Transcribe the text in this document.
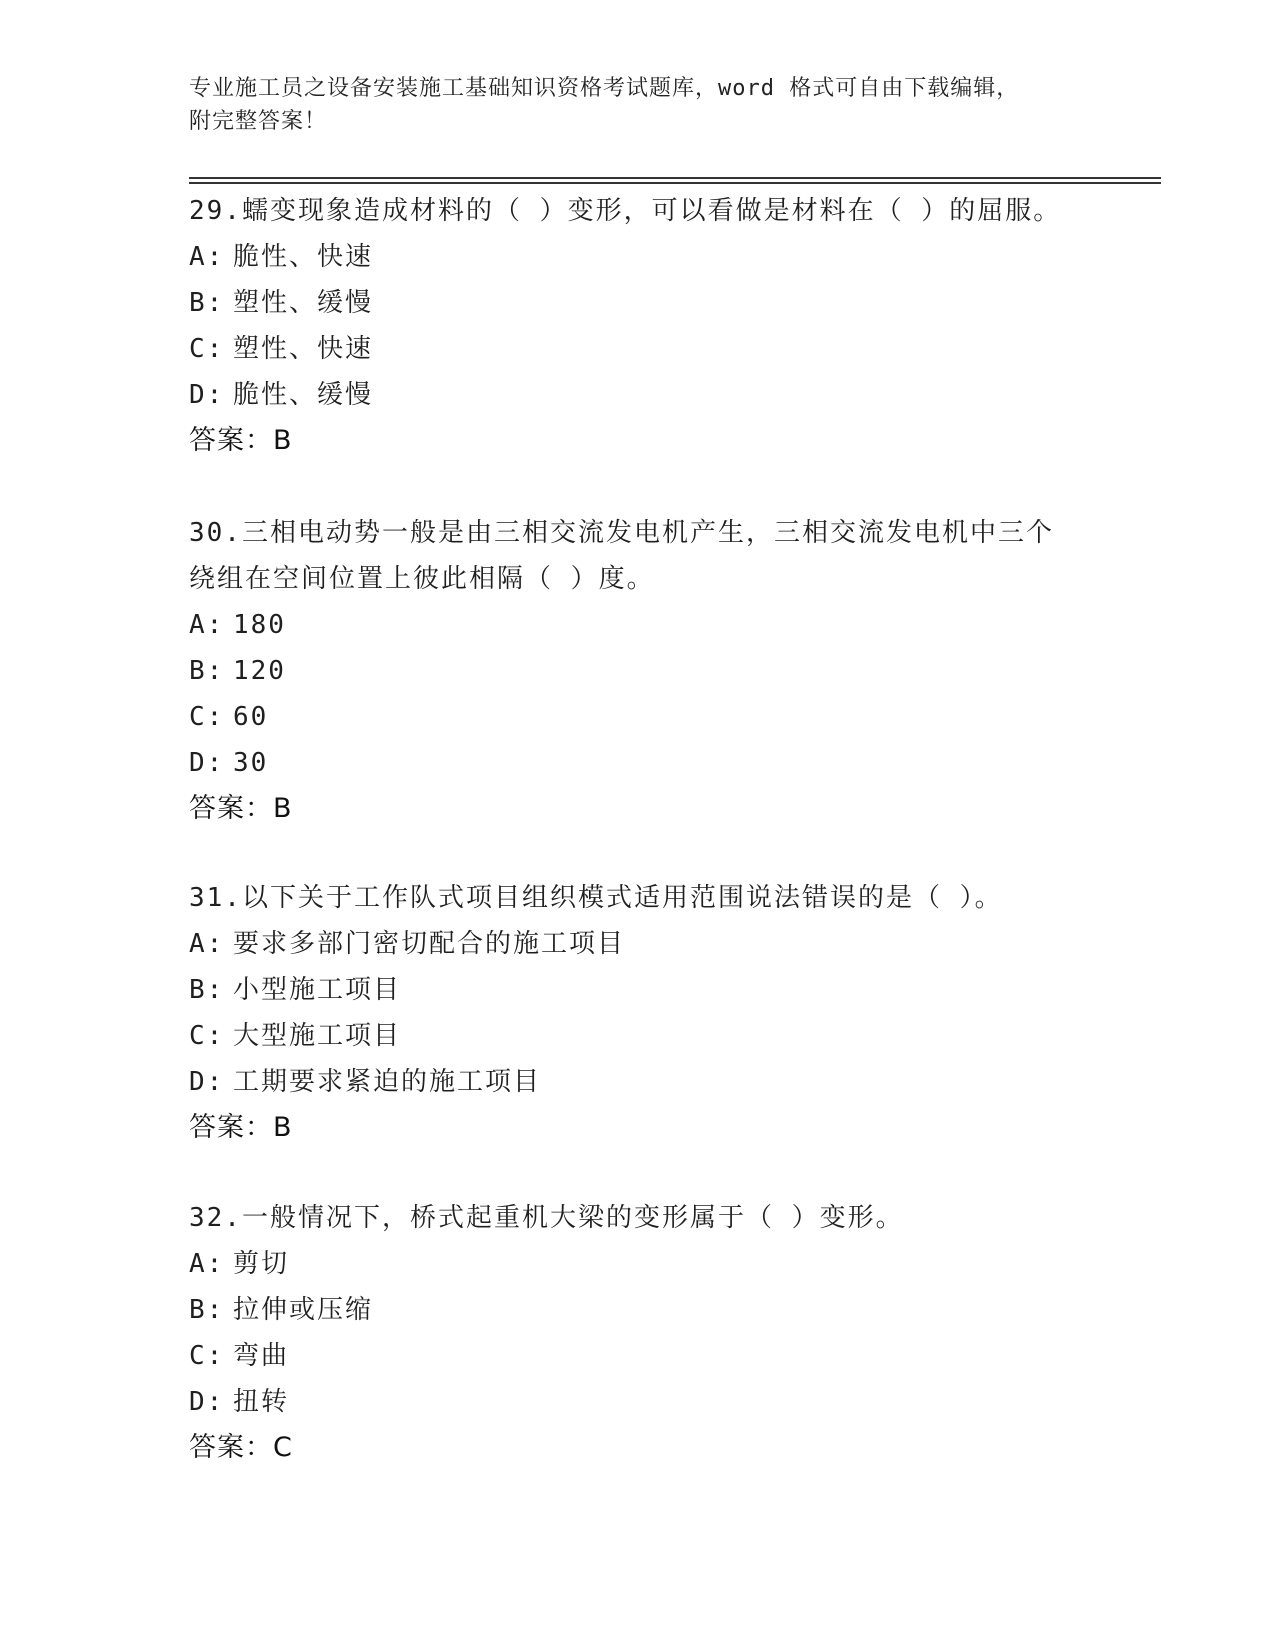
专业施工员之设备安装施工基础知识资格考试题库，word 格式可自由下载编辑，
附完整答案！
29.蠕变现象造成材料的（ ）变形，可以看做是材料在（ ）的屈服。
A: 脆性、快速
B: 塑性、缓慢
C: 塑性、快速
D: 脆性、缓慢
答案：B
30.三相电动势一般是由三相交流发电机产生，三相交流发电机中三个
绕组在空间位置上彼此相隔（ ）度。
A: 180
B: 120
C: 60
D: 30
答案：B
31.以下关于工作队式项目组织模式适用范围说法错误的是（ ）。
A: 要求多部门密切配合的施工项目
B: 小型施工项目
C: 大型施工项目
D: 工期要求紧迫的施工项目
答案：B
32.一般情况下，桥式起重机大梁的变形属于（ ）变形。
A: 剪切
B: 拉伸或压缩
C: 弯曲
D: 扭转
答案：C
